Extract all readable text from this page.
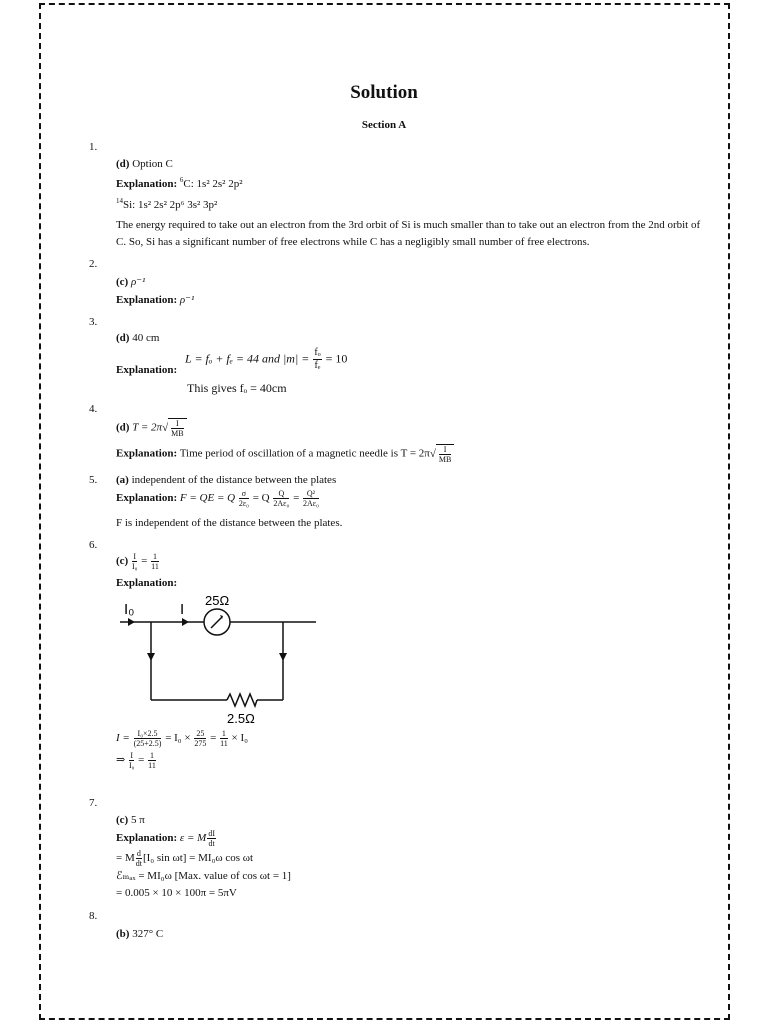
Solution
Section A
1.
(d) Option C
Explanation: $^6$C: 1s² 2s² 2p²
$^{14}$Si: 1s² 2s² 2p⁶ 3s² 3p²
The energy required to take out an electron from the 3rd orbit of Si is much smaller than to take out an electron from the 2nd orbit of C. So, Si has a significant number of free electrons while C has a negligibly small number of free electrons.
2.
(c) ρ⁻¹
Explanation: ρ⁻¹
3.
(d) 40 cm
Explanation:
L = fₒ + fₑ = 44 and $|m| = \frac{\text{fₒ}}{\text{fₑ}} = 10$
This gives fₒ = 40cm
4.
(d) $T = 2\pi√ \frac{I}{MB}$
Explanation: Time period of oscillation of a magnetic needle is $T = 2\pi√ \frac{I}{MB}$
5. (a) independent of the distance between the plates
Explanation: F = QE = Q $\frac{\sigma}{\text{2ε₀}} = Q \frac{Q}{\text{2Aε₀}} = \frac{\text{Q²}}{\text{2Aε₀}}$
F is independent of the distance between the plates.
6.
$(c) \frac{I}{\text{I₀}} = \frac{1}{11}$
Explanation:
I₀	I
25Ω
2.5Ω
$I = \frac{\text{I₀×2.5}}{(25+2.5)} = I_0 \times \frac{25}{275} = \frac{1}{11} \times I_0$
⇒ $\frac{I}{\text{I₀}} = \frac{1}{11}$
7.
(c) 5 π
Explanation: ε = M $\frac{dI}{dt}$
= M $\frac{d}{dt} [I_0$ sin ωt] = MI₀ω cos ωt
ℰₘₐₓ = MI₀ω [Max. value of cos ωt = 1]
= 0.005 × 10 × 100π = 5πV
8.
(b) 327° C
